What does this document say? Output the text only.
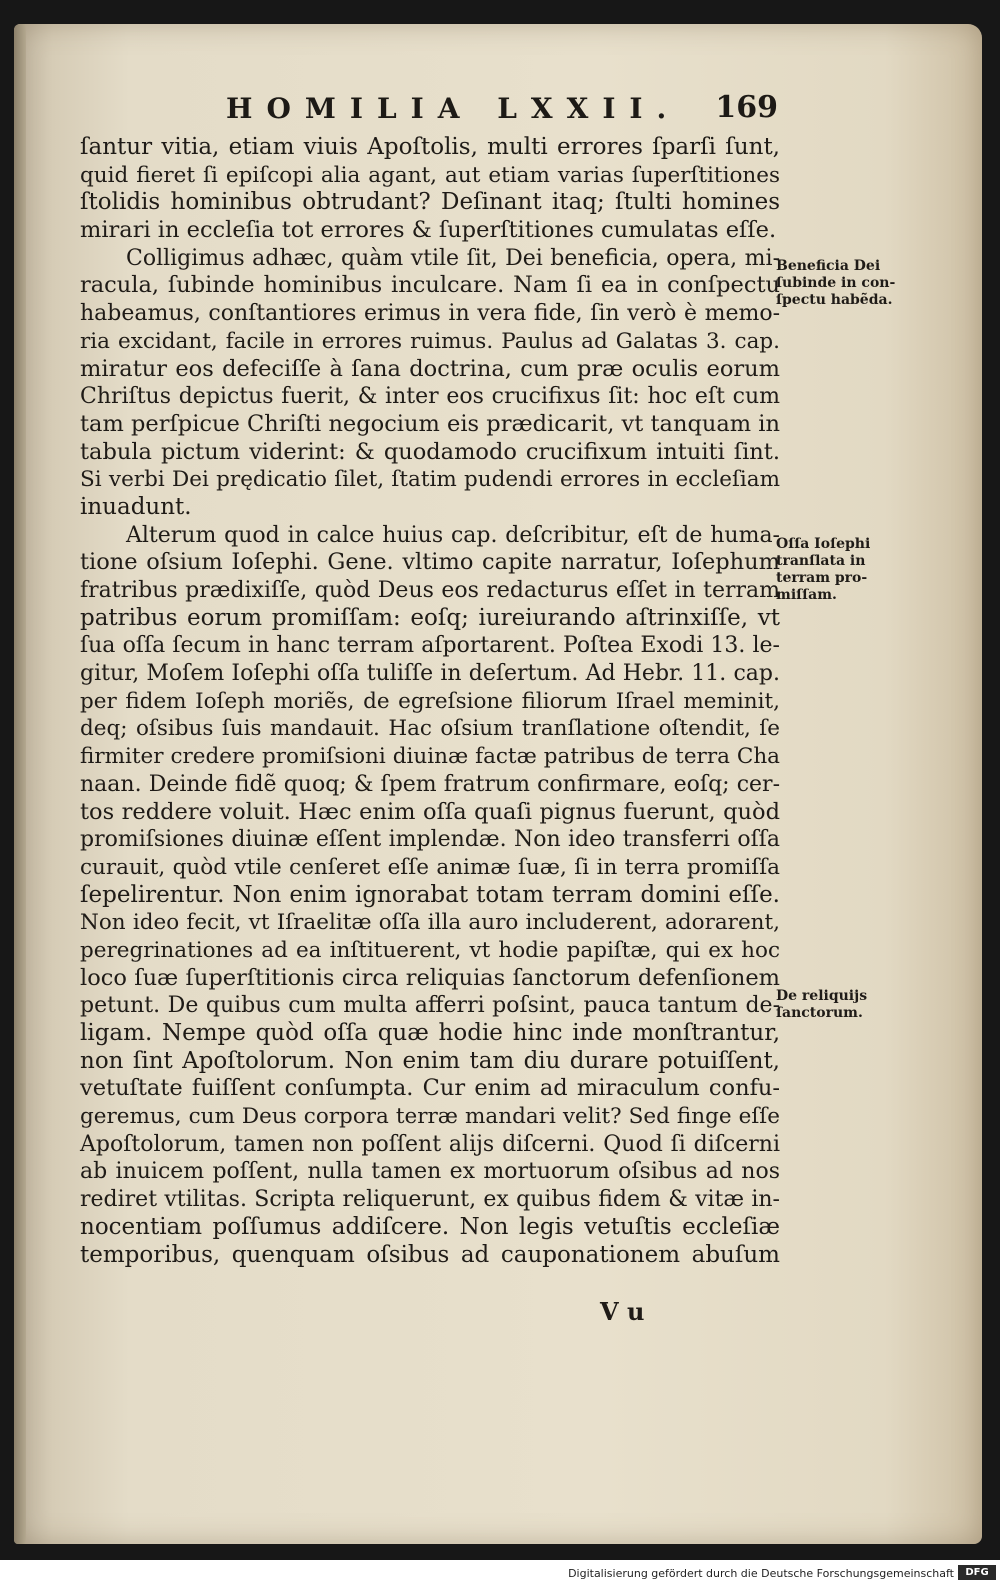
HOMILIA LXXII. 169
ſantur vitia, etiam viuis Apoſtolis, multi errores ſparſi ſunt,
quid fieret ſi epiſcopi alia agant, aut etiam varias ſuperſtitiones
ſtolidis hominibus obtrudant? Deſinant itaq; ſtulti homines
mirari in eccleſia tot errores & ſuperſtitiones cumulatas eſſe.
Colligimus adhæc, quàm vtile ſit, Dei beneficia, opera, mi-
racula, ſubinde hominibus inculcare. Nam ſi ea in conſpectu
habeamus, conſtantiores erimus in vera fide, ſin verò è memo-
ria excidant, facile in errores ruimus. Paulus ad Galatas 3. cap.
miratur eos defeciſſe à ſana doctrina, cum præ oculis eorum
Chriſtus depictus fuerit, & inter eos crucifixus ſit: hoc eſt cum
tam perſpicue Chriſti negocium eis prædicarit, vt tanquam in
tabula pictum viderint: & quodamodo crucifixum intuiti ſint.
Si verbi Dei prędicatio ſilet, ſtatim pudendi errores in eccleſiam
inuadunt.
Alterum quod in calce huius cap. deſcribitur, eſt de huma-
tione oſsium Ioſephi. Gene. vltimo capite narratur, Ioſephum
fratribus prædixiſſe, quòd Deus eos redacturus eſſet in terram
patribus eorum promiſſam: eoſq; iureiurando aſtrinxiſſe, vt
ſua oſſa ſecum in hanc terram aſportarent. Poſtea Exodi 13. le-
gitur, Moſem Ioſephi oſſa tuliſſe in deſertum. Ad Hebr. 11. cap.
per fidem Ioſeph moriẽs, de egreſsione filiorum Iſrael meminit,
deq; oſsibus ſuis mandauit. Hac oſsium tranſlatione oſtendit, ſe
firmiter credere promiſsioni diuinæ factæ patribus de terra Cha
naan. Deinde fidẽ quoq; & ſpem fratrum confirmare, eoſq; cer-
tos reddere voluit. Hæc enim oſſa quaſi pignus fuerunt, quòd
promiſsiones diuinæ eſſent implendæ. Non ideo transferri oſſa
curauit, quòd vtile cenſeret eſſe animæ ſuæ, ſi in terra promiſſa
ſepelirentur. Non enim ignorabat totam terram domini eſſe.
Non ideo fecit, vt Iſraelitæ oſſa illa auro includerent, adorarent,
peregrinationes ad ea inſtituerent, vt hodie papiſtæ, qui ex hoc
loco ſuæ ſuperſtitionis circa reliquias ſanctorum defenſionem
petunt. De quibus cum multa afferri poſsint, pauca tantum de-
ligam. Nempe quòd oſſa quæ hodie hinc inde monſtrantur,
non ſint Apoſtolorum. Non enim tam diu durare potuiſſent,
vetuſtate fuiſſent conſumpta. Cur enim ad miraculum confu-
geremus, cum Deus corpora terræ mandari velit? Sed finge eſſe
Apoſtolorum, tamen non poſſent alijs diſcerni. Quod ſi diſcerni
ab inuicem poſſent, nulla tamen ex mortuorum oſsibus ad nos
rediret vtilitas. Scripta reliquerunt, ex quibus fidem & vitæ in-
nocentiam poſſumus addiſcere. Non legis vetuſtis eccleſiæ
temporibus, quenquam oſsibus ad cauponationem abuſum
Beneficia Dei
ſubinde in con-
ſpectu habẽda.
Oſſa Ioſephi
tranſlata in
terram pro-
miſſam.
De reliquijs
ſanctorum.
V u
Digitalisierung gefördert durch die Deutsche Forschungsgemeinschaft	DFG
